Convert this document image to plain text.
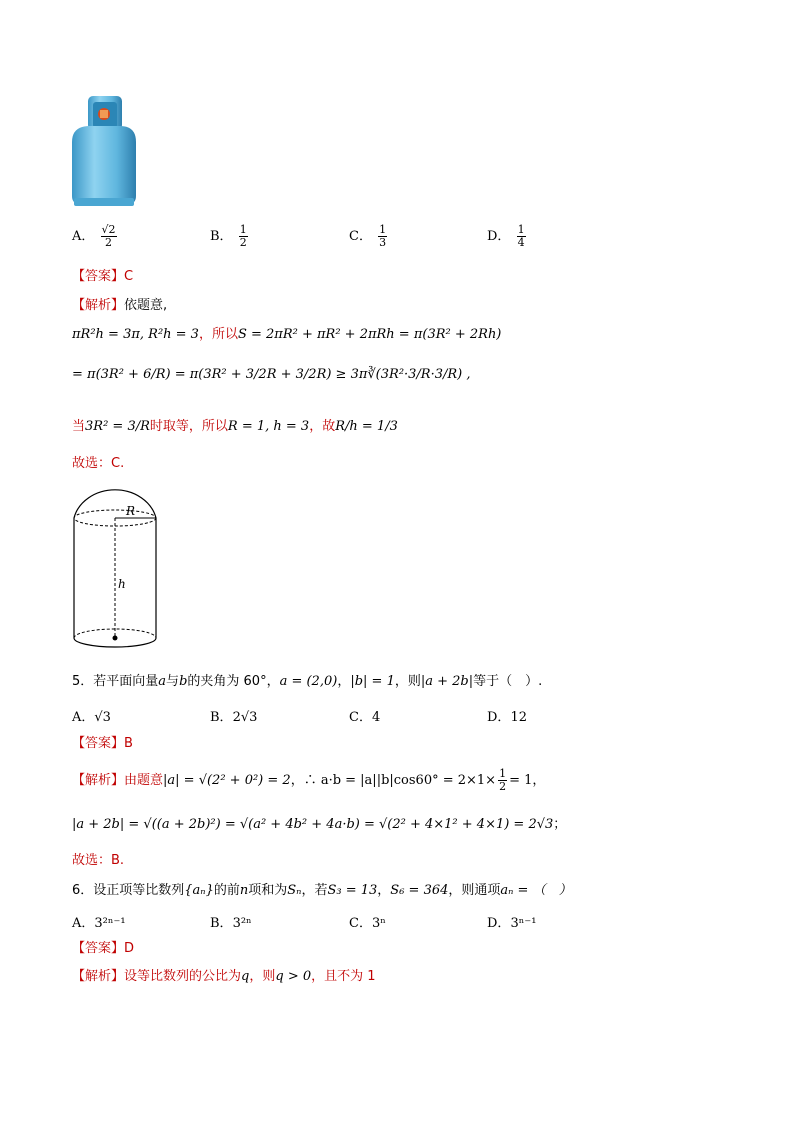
A． $\frac{√2}{2}$	B． $\frac{1}{2}$	C． $\frac{1}{3}$	D． $\frac{1}{4}$
【答案】C
【解析】依题意,
πR²h = 3π, R²h = 3，所以S = 2πR² + πR² + 2πRh = π(3R² + 2Rh)
= π(3R² + 6/R) = π(3R² + 3/2R + 3/2R) ≥ 3π∛(3R²·3/R·3/R) ,
当3R² = 3/R时取等，所以R = 1, h = 3，故R/h = 1/3
故选：C.
R
h
5．若平面向量a与b的夹角为 60°，a = (2,0)，|b| = 1，则|a + 2b|等于（　）.
A．√3	B．2√3	C．4	D．12
【答案】B
【解析】由题意|a| = √(2² + 0²) = 2，∴ $a\cdot b = |a||b|\cos 60^\circ = 2\times 1\times \frac{1}{2} = 1$，
|a + 2b| = √((a + 2b)²) = √(a² + 4b² + 4a·b) = √(2² + 4×1² + 4×1) = 2√3；
故选：B.
6．设正项等比数列{aₙ}的前n项和为Sₙ，若S₃ = 13，S₆ = 364，则通项aₙ = （　）
A．3²ⁿ⁻¹	B．3²ⁿ	C．3ⁿ	D．3ⁿ⁻¹
【答案】D
【解析】设等比数列的公比为q，则q > 0，且不为 1
